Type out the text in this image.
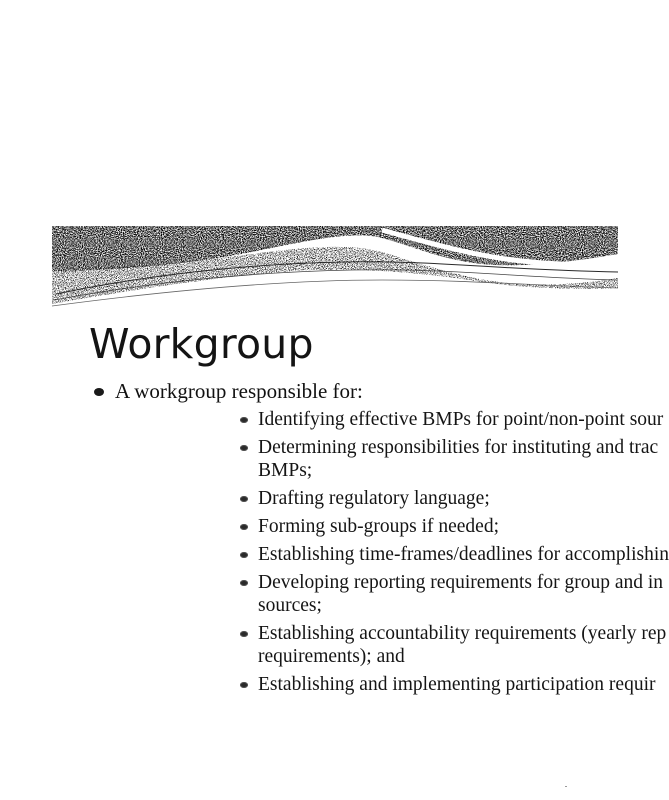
Workgroup
A workgroup responsible for:
Identifying effective BMPs for point/non-point sour
Determining responsibilities for instituting and trac
BMPs;
Drafting regulatory language;
Forming sub-groups if needed;
Establishing time-frames/deadlines for accomplishin
Developing reporting requirements for group and in
sources;
Establishing accountability requirements (yearly rep
requirements); and
Establishing and implementing participation requir
